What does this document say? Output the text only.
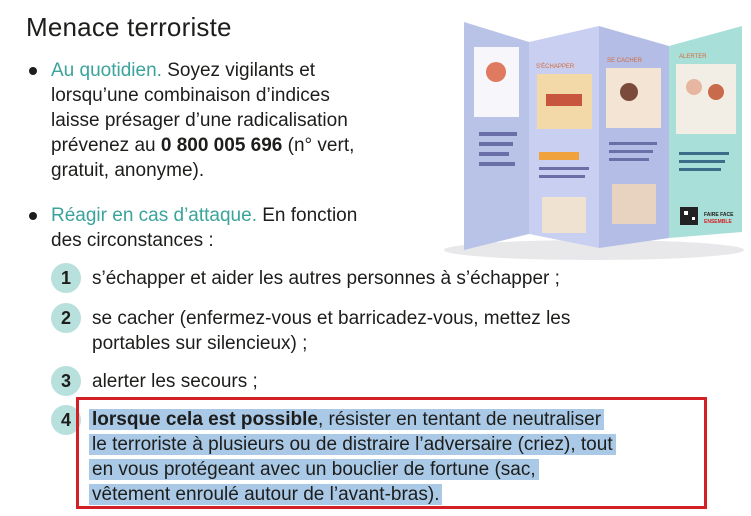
Menace terroriste
Au quotidien. Soyez vigilants et
lorsqu’une combinaison d’indices
laisse présager d’une radicalisation
prévenez au 0 800 005 696 (n° vert,
gratuit, anonyme).
Réagir en cas d’attaque. En fonction
des circonstances :
1	s’échapper et aider les autres personnes à s’échapper ;
2	se cacher (enfermez-vous et barricadez-vous, mettez les
portables sur silencieux) ;
3	alerter les secours ;
4	lorsque cela est possible, résister en tentant de neutraliser
le terroriste à plusieurs ou de distraire l’adversaire (criez), tout
en vous protégeant avec un bouclier de fortune (sac,
vêtement enroulé autour de l’avant-bras).
S'ÉCHAPPER
SE CACHER
ALERTER
FAIRE FACE
ENSEMBLE
